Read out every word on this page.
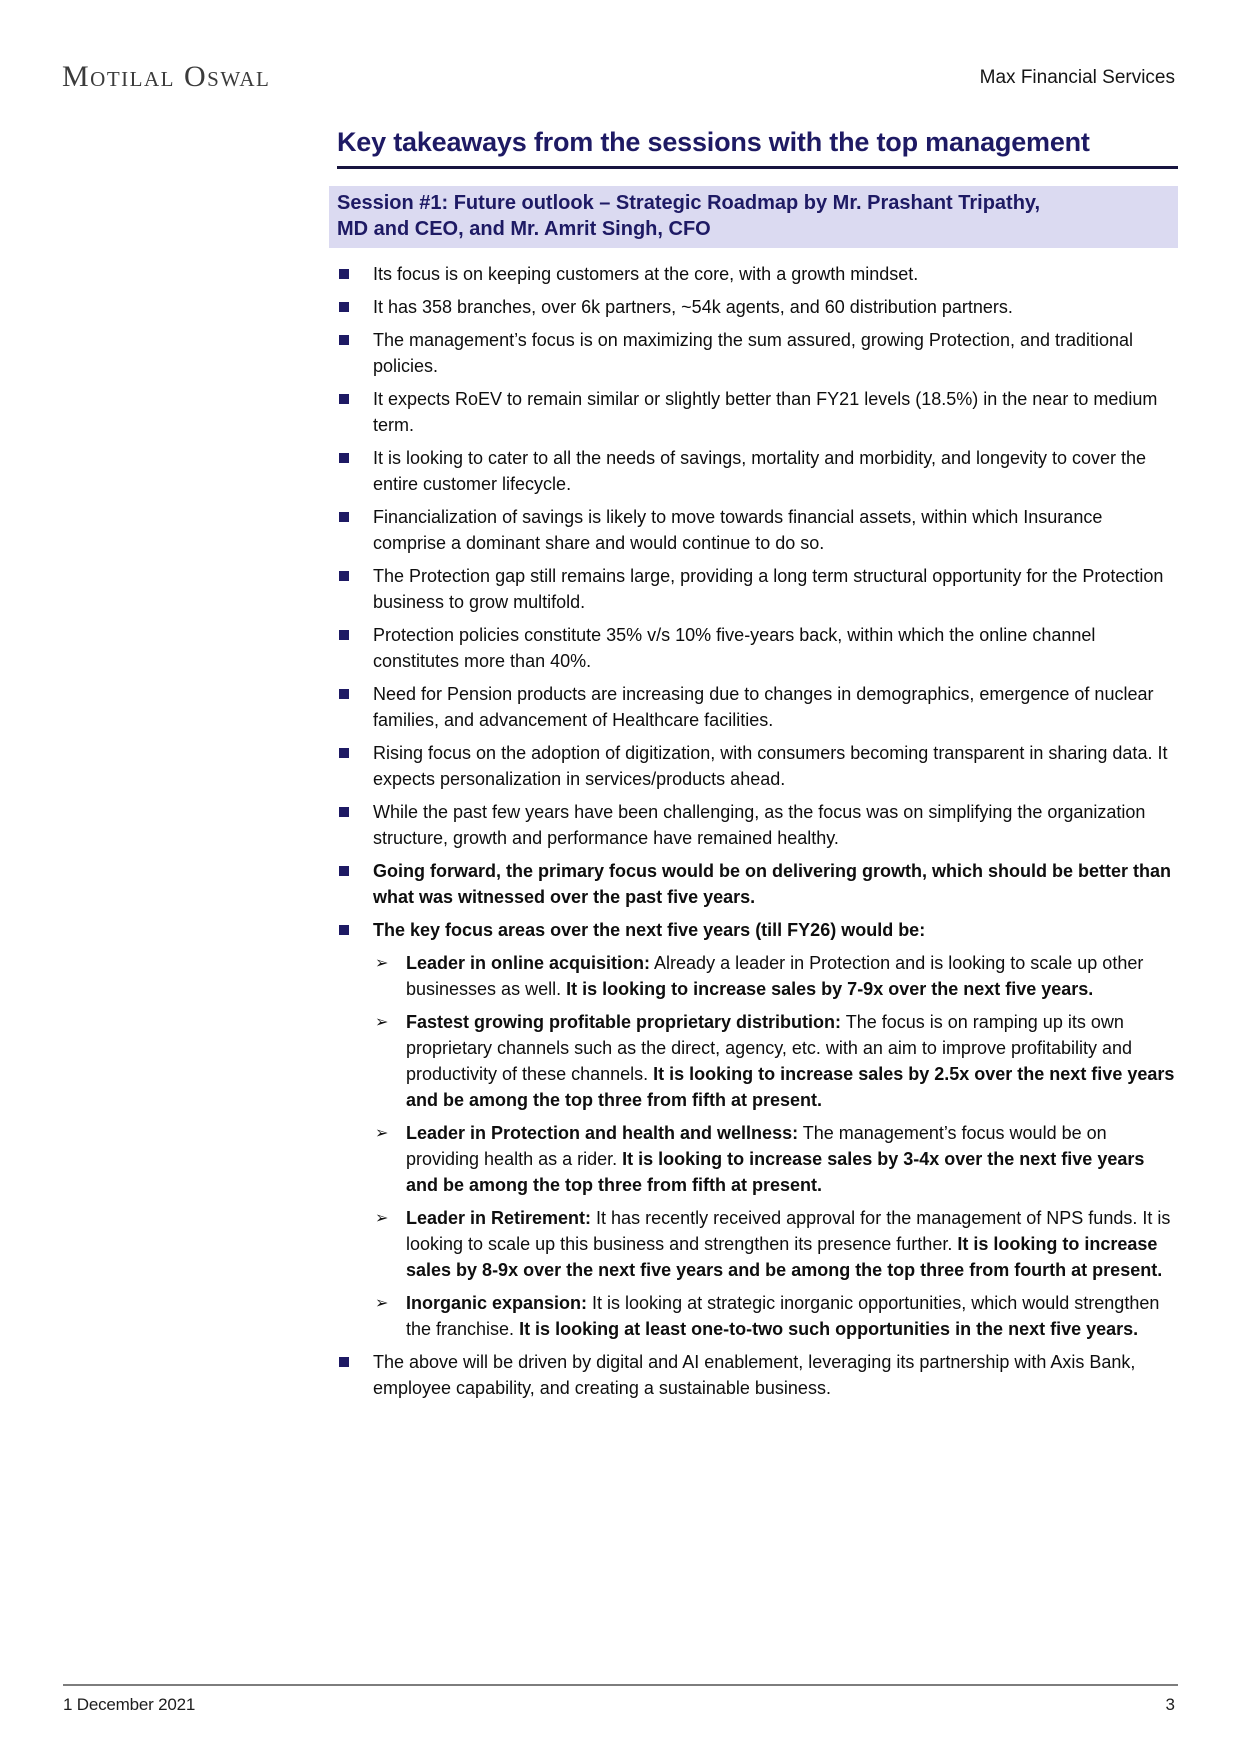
Motilal Oswal	Max Financial Services
Key takeaways from the sessions with the top management
Session #1: Future outlook – Strategic Roadmap by Mr. Prashant Tripathy,
MD and CEO, and Mr. Amrit Singh, CFO
Its focus is on keeping customers at the core, with a growth mindset.
It has 358 branches, over 6k partners, ~54k agents, and 60 distribution partners.
The management’s focus is on maximizing the sum assured, growing Protection, and traditional policies.
It expects RoEV to remain similar or slightly better than FY21 levels (18.5%) in the near to medium term.
It is looking to cater to all the needs of savings, mortality and morbidity, and longevity to cover the entire customer lifecycle.
Financialization of savings is likely to move towards financial assets, within which Insurance comprise a dominant share and would continue to do so.
The Protection gap still remains large, providing a long term structural opportunity for the Protection business to grow multifold.
Protection policies constitute 35% v/s 10% five-years back, within which the online channel constitutes more than 40%.
Need for Pension products are increasing due to changes in demographics, emergence of nuclear families, and advancement of Healthcare facilities.
Rising focus on the adoption of digitization, with consumers becoming transparent in sharing data. It expects personalization in services/products ahead.
While the past few years have been challenging, as the focus was on simplifying the organization structure, growth and performance have remained healthy.
Going forward, the primary focus would be on delivering growth, which should be better than what was witnessed over the past five years.
The key focus areas over the next five years (till FY26) would be:
➢ Leader in online acquisition: Already a leader in Protection and is looking to scale up other businesses as well. It is looking to increase sales by 7-9x over the next five years.
➢ Fastest growing profitable proprietary distribution: The focus is on ramping up its own proprietary channels such as the direct, agency, etc. with an aim to improve profitability and productivity of these channels. It is looking to increase sales by 2.5x over the next five years and be among the top three from fifth at present.
➢ Leader in Protection and health and wellness: The management’s focus would be on providing health as a rider. It is looking to increase sales by 3-4x over the next five years and be among the top three from fifth at present.
➢ Leader in Retirement: It has recently received approval for the management of NPS funds. It is looking to scale up this business and strengthen its presence further. It is looking to increase sales by 8-9x over the next five years and be among the top three from fourth at present.
➢ Inorganic expansion: It is looking at strategic inorganic opportunities, which would strengthen the franchise. It is looking at least one-to-two such opportunities in the next five years.
The above will be driven by digital and AI enablement, leveraging its partnership with Axis Bank, employee capability, and creating a sustainable business.
1 December 2021	3
